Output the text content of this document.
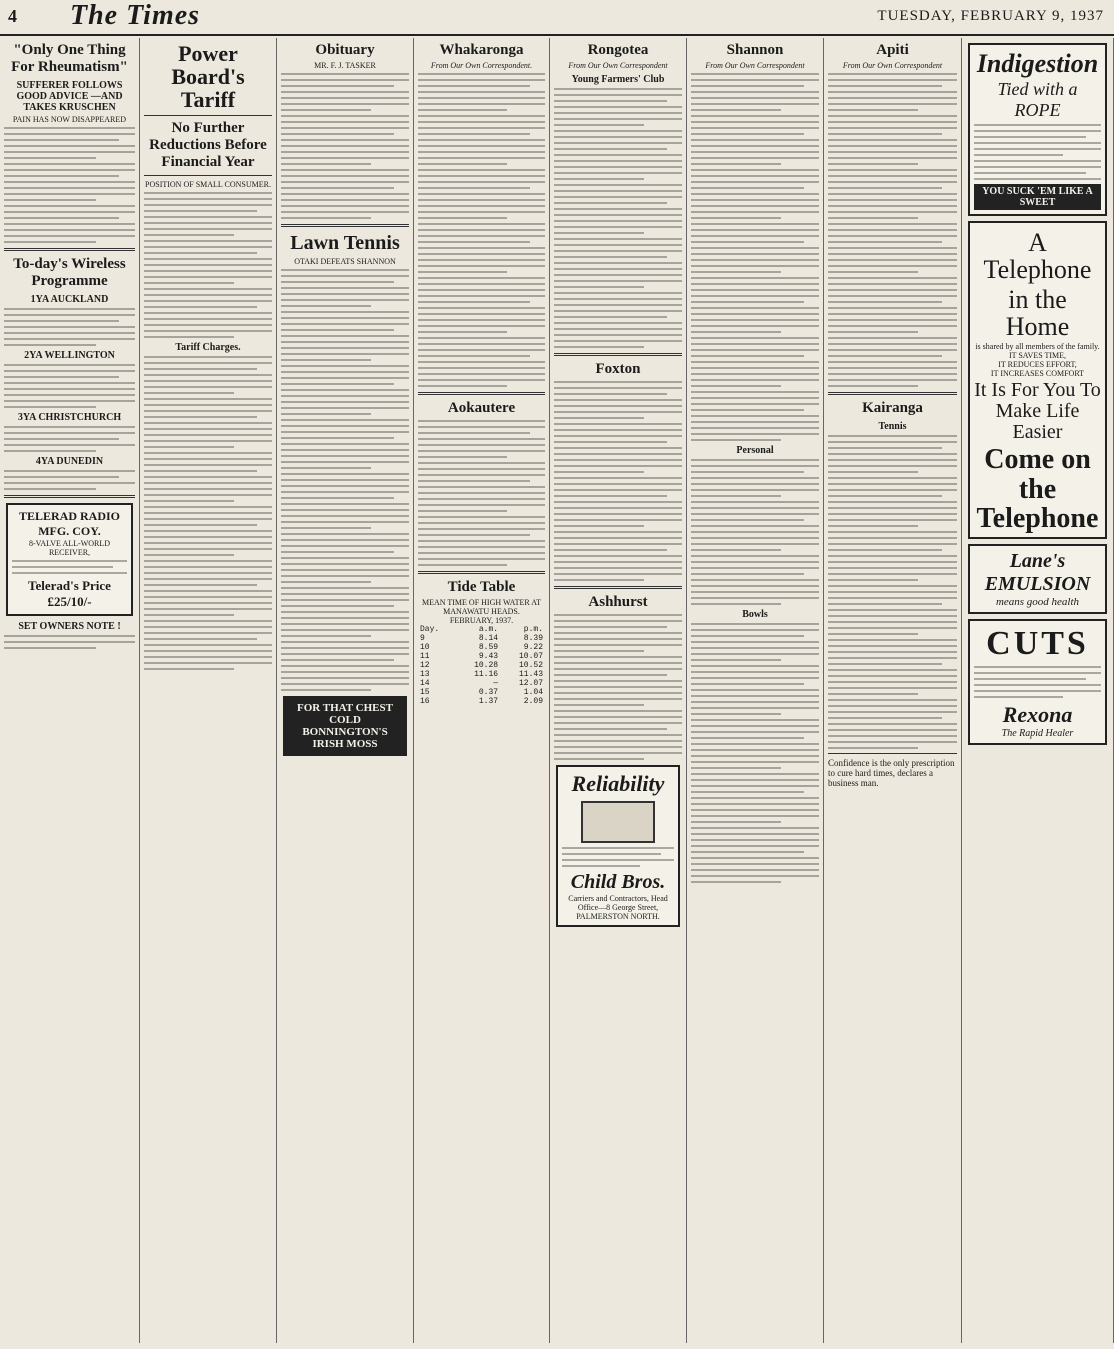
4 The Times	TUESDAY, FEBRUARY 9, 1937
"Only One Thing For Rheumatism"
SUFFERER FOLLOWS GOOD ADVICE —AND TAKES KRUSCHEN
PAIN HAS NOW DISAPPEARED
To-day's Wireless Programme
1YA AUCKLAND
2YA WELLINGTON
3YA CHRISTCHURCH
4YA DUNEDIN
TELERAD RADIO MFG. COY.
8-VALVE ALL-WORLD RECEIVER,
Telerad's Price £25/10/-
SET OWNERS NOTE !
Power Board's Tariff
No Further Reductions Before Financial Year
POSITION OF SMALL CONSUMER.
Tariff Charges.
Obituary
MR. F. J. TASKER
Lawn Tennis
OTAKI DEFEATS SHANNON
FOR THAT CHEST COLD BONNINGTON'S IRISH MOSS
Whakaronga
From Our Own Correspondent.
Aokautere
Tide Table
MEAN TIME OF HIGH WATER AT MANAWATU HEADS.
FEBRUARY, 1937.
Day.	a.m.	p.m.
9	8.14	8.39
10	8.59	9.22
11	9.43	10.07
12	10.28	10.52
13	11.16	11.43
14	—	12.07
15	0.37	1.04
16	1.37	2.09
Rongotea
From Our Own Correspondent
Young Farmers' Club
Foxton
Ashhurst
Reliability
Child Bros.
Carriers and Contractors, Head Office—8 George Street, PALMERSTON NORTH.
Shannon
From Our Own Correspondent
Personal
Bowls
Apiti
From Our Own Correspondent
Kairanga
Tennis
Confidence is the only prescription to cure hard times, declares a business man.
Indigestion
Tied with a ROPE
YOU SUCK 'EM LIKE A SWEET
A Telephone
in the Home
is shared by all members of the family.
IT SAVES TIME,
IT REDUCES EFFORT,
IT INCREASES COMFORT
It Is For You To Make Life Easier
Come on the Telephone
Lane's EMULSION
means good health
CUTS
Rexona
The Rapid Healer
